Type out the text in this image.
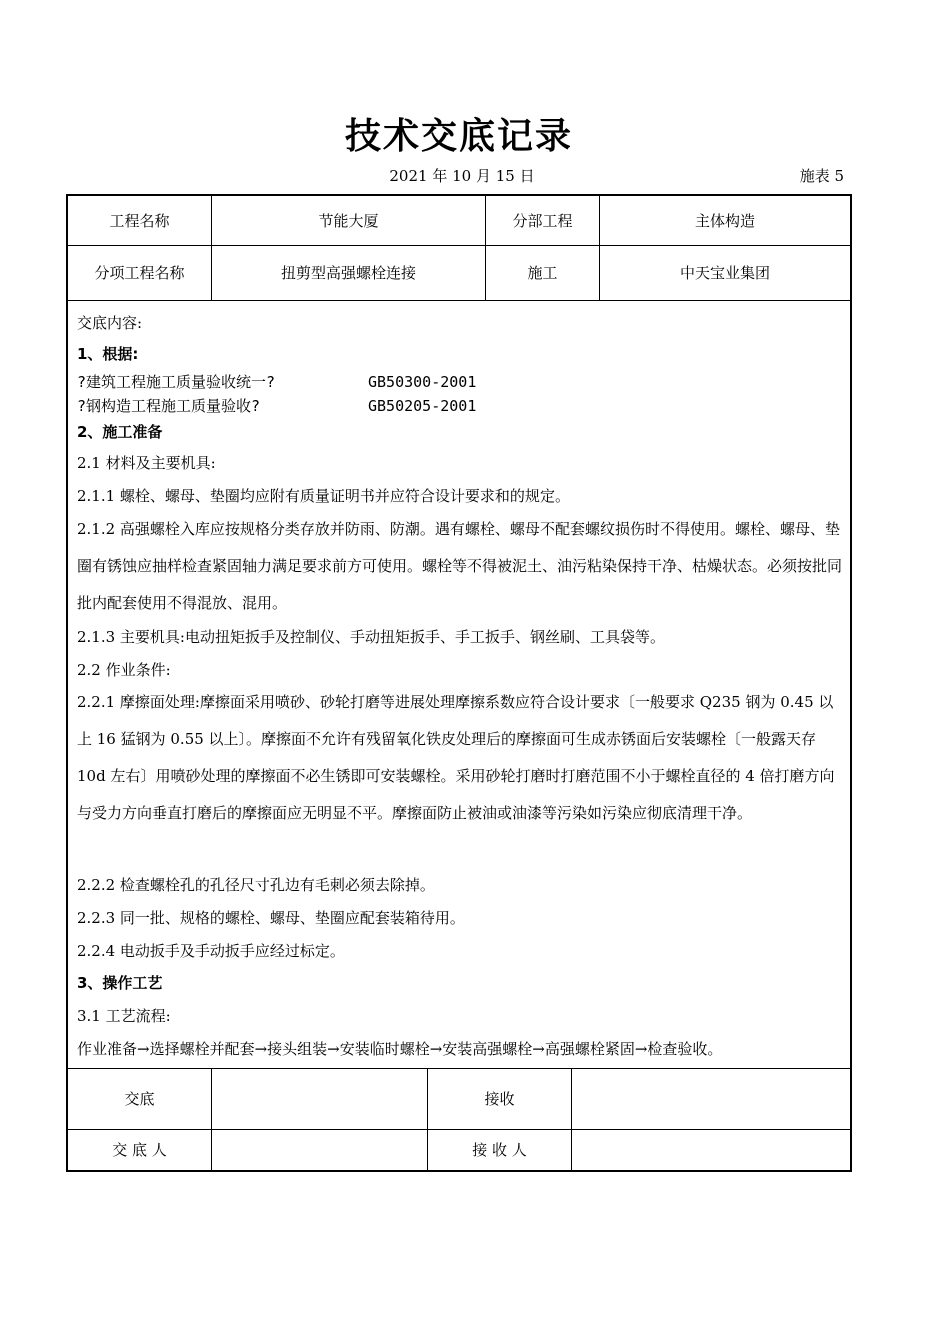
技术交底记录
2021 年 10 月 15 日	施表 5
工程名称	节能大厦	分部工程	主体构造
分项工程名称	扭剪型高强螺栓连接	施工	中天宝业集团

交底内容:

1、根据:

?建筑工程施工质量验收统一?	GB50300-2001
?钢构造工程施工质量验收?	GB50205-2001

2、施工准备

2.1 材料及主要机具:

2.1.1 螺栓、螺母、垫圈均应附有质量证明书并应符合设计要求和的规定。

2.1.2 高强螺栓入库应按规格分类存放并防雨、防潮。遇有螺栓、螺母不配套螺纹损伤时不得使用。螺栓、螺母、垫圈有锈蚀应抽样检查紧固轴力满足要求前方可使用。螺栓等不得被泥土、油污粘染保持干净、枯燥状态。必须按批同批内配套使用不得混放、混用。

2.1.3 主要机具:电动扭矩扳手及控制仪、手动扭矩扳手、手工扳手、钢丝刷、工具袋等。

2.2 作业条件:

2.2.1 摩擦面处理:摩擦面采用喷砂、砂轮打磨等进展处理摩擦系数应符合设计要求〔一般要求 Q235 钢为 0.45 以上 16 猛钢为 0.55 以上〕。摩擦面不允许有残留氧化铁皮处理后的摩擦面可生成赤锈面后安装螺栓〔一般露天存 10d 左右〕用喷砂处理的摩擦面不必生锈即可安装螺栓。采用砂轮打磨时打磨范围不小于螺栓直径的 4 倍打磨方向与受力方向垂直打磨后的摩擦面应无明显不平。摩擦面防止被油或油漆等污染如污染应彻底清理干净。

2.2.2 检查螺栓孔的孔径尺寸孔边有毛刺必须去除掉。

2.2.3 同一批、规格的螺栓、螺母、垫圈应配套装箱待用。

2.2.4 电动扳手及手动扳手应经过标定。

3、操作工艺

3.1 工艺流程:

作业准备→选择螺栓并配套→接头组装→安装临时螺栓→安装高强螺栓→高强螺栓紧固→检查验收。

交底	接收
交 底 人	接 收 人
